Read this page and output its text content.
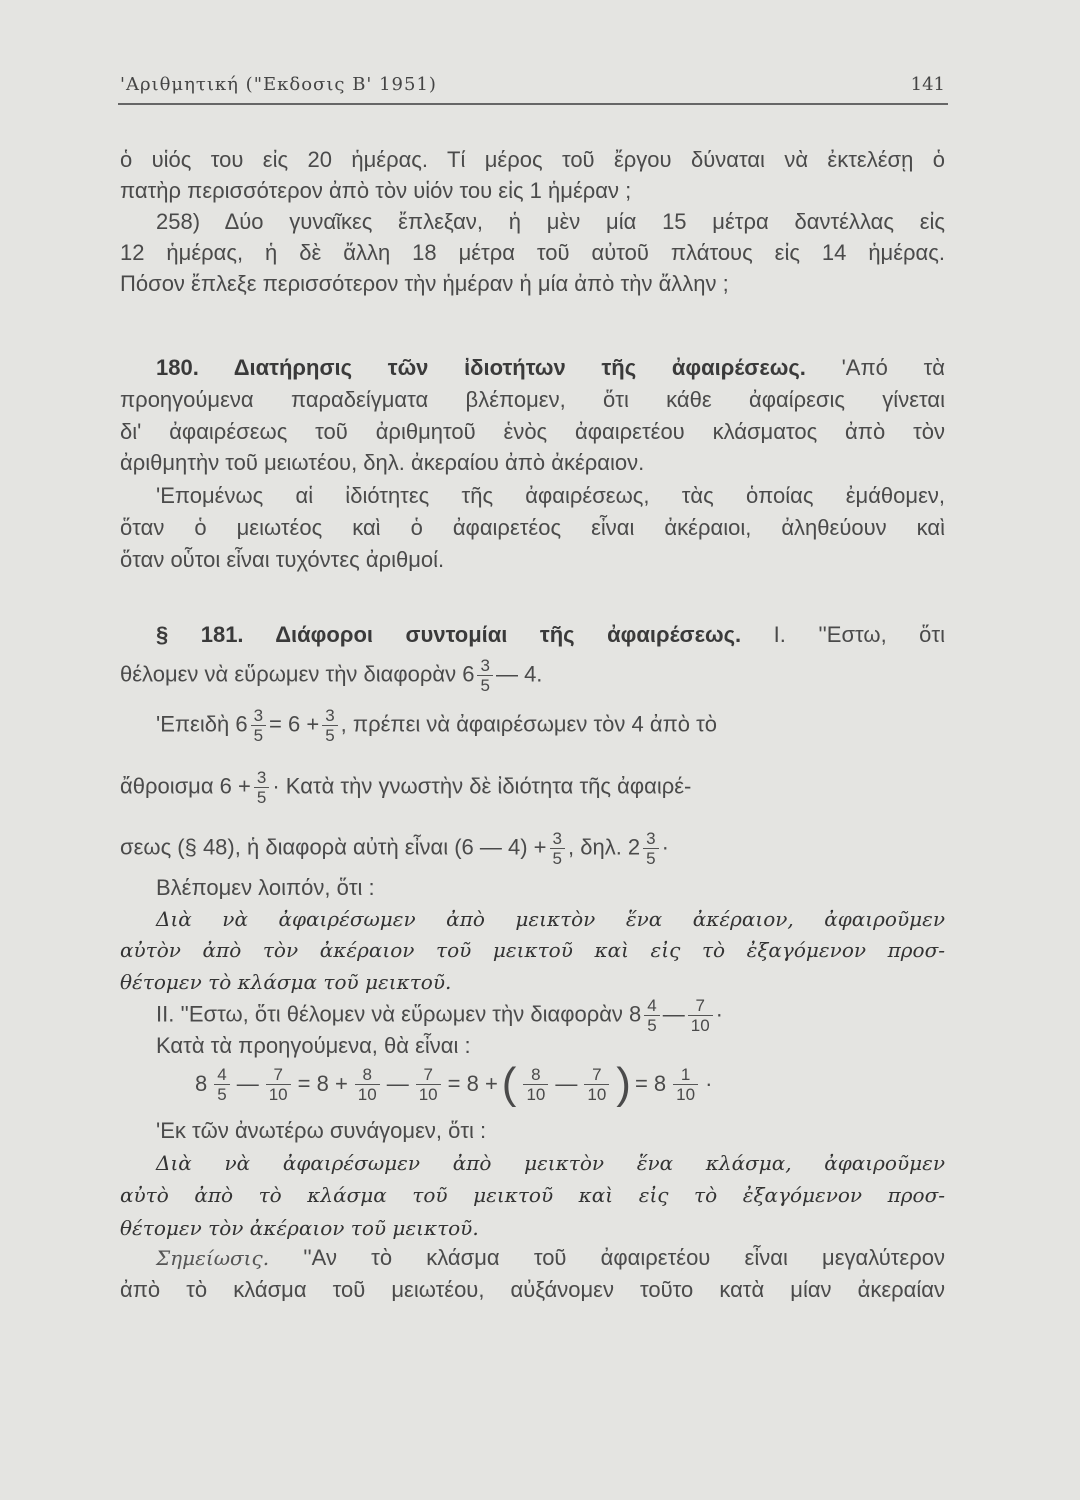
'Αριθμητική ("Εκδοσις Β' 1951)	141
ὁ υἱός του εἰς 20 ἡμέρας. Τί μέρος τοῦ ἔργου δύναται νὰ ἐκτελέσῃ ὁ
πατὴρ περισσότερον ἀπὸ τὸν υἱόν του εἰς 1 ἡμέραν ;
258) Δύο γυναῖκες ἔπλεξαν, ἡ μὲν μία 15 μέτρα δαντέλλας εἰς
12 ἡμέρας, ἡ δὲ ἄλλη 18 μέτρα τοῦ αὐτοῦ πλάτους εἰς 14 ἡμέρας.
Πόσον ἔπλεξε περισσότερον τὴν ἡμέραν ἡ μία ἀπὸ τὴν ἄλλην ;
180. Διατήρησις τῶν ἰδιοτήτων τῆς ἀφαιρέσεως. 'Από τὰ
προηγούμενα παραδείγματα βλέπομεν, ὅτι κάθε ἀφαίρεσις γίνεται
δι' ἀφαιρέσεως τοῦ ἀριθμητοῦ ἑνὸς ἀφαιρετέου κλάσματος ἀπὸ τὸν
ἀριθμητὴν τοῦ μειωτέου, δηλ. ἀκεραίου ἀπὸ ἀκέραιον.
'Επομένως αἱ ἰδιότητες τῆς ἀφαιρέσεως, τὰς ὁποίας ἐμάθομεν,
ὅταν ὁ μειωτέος καὶ ὁ ἀφαιρετέος εἶναι ἀκέραιοι, ἀληθεύουν καὶ
ὅταν οὗτοι εἶναι τυχόντες ἀριθμοί.
§ 181. Διάφοροι συντομίαι τῆς ἀφαιρέσεως. I. ''Εστω, ὅτι
θέλομεν νὰ εὕρωμεν τὴν διαφορὰν $6 \frac{3}{5}$ — 4.
'Επειδὴ $6 \frac{3}{5} = 6 + \frac{3}{5}$ , πρέπει νὰ ἀφαιρέσωμεν τὸν 4 ἀπὸ τὸ
ἄθροισμα $6 + \frac{3}{5}$ · Κατὰ τὴν γνωστὴν δὲ ἰδιότητα τῆς ἀφαιρέ-
σεως (§ 48), ἡ διαφορὰ αὐτὴ εἶναι (6 — $4) + \frac{3}{5}$ , δηλ. $2 \frac{3}{5}$ ·
Βλέπομεν λοιπόν, ὅτι :
Διὰ νὰ ἀφαιρέσωμεν ἀπὸ μεικτὸν ἕνα ἀκέραιον, ἀφαιροῦμεν
αὐτὸν ἀπὸ τὸν ἀκέραιον τοῦ μεικτοῦ καὶ εἰς τὸ ἐξαγόμενον προσ-
θέτομεν τὸ κλάσμα τοῦ μεικτοῦ.
II. ''Εστω, ὅτι θέλομεν νὰ εὕρωμεν τὴν διαφορὰν $8 \frac{4}{5}$ — $\frac{7}{10}$ ·
Κατὰ τὰ προηγούμενα, θὰ εἶναι :
8 4
5 — $\frac{7}{10} = 8 + \frac{8}{10}$ — $\frac{7}{10} = 8$ + ( 8
10 — 7
10 ) = 8 1
10 ·
'Εκ τῶν ἀνωτέρω συνάγομεν, ὅτι :
Διὰ νὰ ἀφαιρέσωμεν ἀπὸ μεικτὸν ἕνα κλάσμα, ἀφαιροῦμεν
αὐτὸ ἀπὸ τὸ κλάσμα τοῦ μεικτοῦ καὶ εἰς τὸ ἐξαγόμενον προσ-
θέτομεν τὸν ἀκέραιον τοῦ μεικτοῦ.
Σημείωσις. ''Αν τὸ κλάσμα τοῦ ἀφαιρετέου εἶναι μεγαλύτερον
ἀπὸ τὸ κλάσμα τοῦ μειωτέου, αὐξάνομεν τοῦτο κατὰ μίαν ἀκεραίαν
